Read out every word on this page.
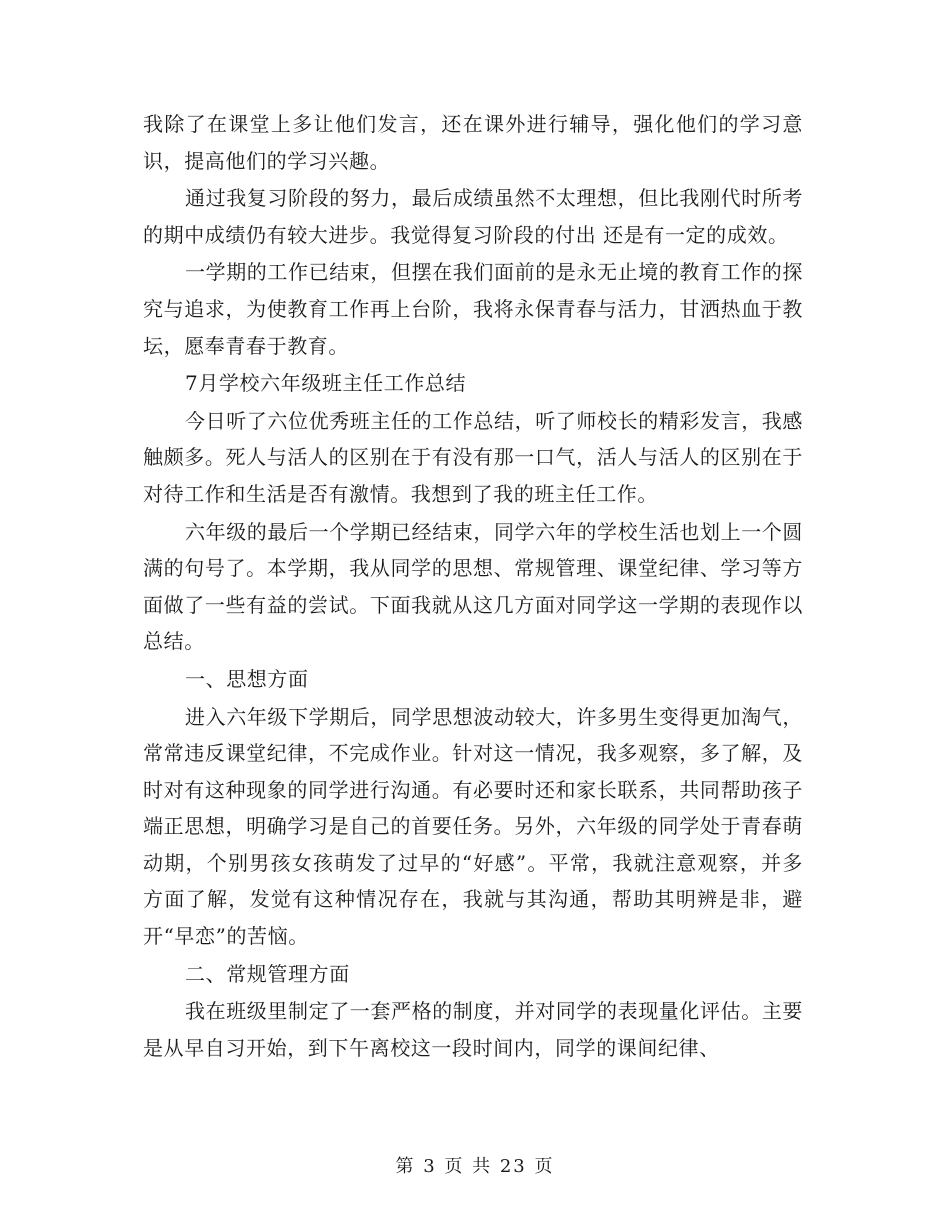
我除了在课堂上多让他们发言，还在课外进行辅导，强化他们的学习意识，提高他们的学习兴趣。

通过我复习阶段的努力，最后成绩虽然不太理想，但比我刚代时所考的期中成绩仍有较大进步。我觉得复习阶段的付出 还是有一定的成效。

一学期的工作已结束，但摆在我们面前的是永无止境的教育工作的探究与追求，为使教育工作再上台阶，我将永保青春与活力，甘洒热血于教坛，愿奉青春于教育。

7月学校六年级班主任工作总结

今日听了六位优秀班主任的工作总结，听了师校长的精彩发言，我感触颇多。死人与活人的区别在于有没有那一口气，活人与活人的区别在于对待工作和生活是否有激情。我想到了我的班主任工作。

六年级的最后一个学期已经结束，同学六年的学校生活也划上一个圆满的句号了。本学期，我从同学的思想、常规管理、课堂纪律、学习等方面做了一些有益的尝试。下面我就从这几方面对同学这一学期的表现作以总结。

一、思想方面

进入六年级下学期后，同学思想波动较大，许多男生变得更加淘气，常常违反课堂纪律，不完成作业。针对这一情况，我多观察，多了解，及时对有这种现象的同学进行沟通。有必要时还和家长联系，共同帮助孩子端正思想，明确学习是自己的首要任务。另外，六年级的同学处于青春萌动期，个别男孩女孩萌发了过早的“好感”。平常，我就注意观察，并多方面了解，发觉有这种情况存在，我就与其沟通，帮助其明辨是非，避开“早恋”的苦恼。

二、常规管理方面

我在班级里制定了一套严格的制度，并对同学的表现量化评估。主要是从早自习开始，到下午离校这一段时间内，同学的课间纪律、

第 3 页 共 23 页
